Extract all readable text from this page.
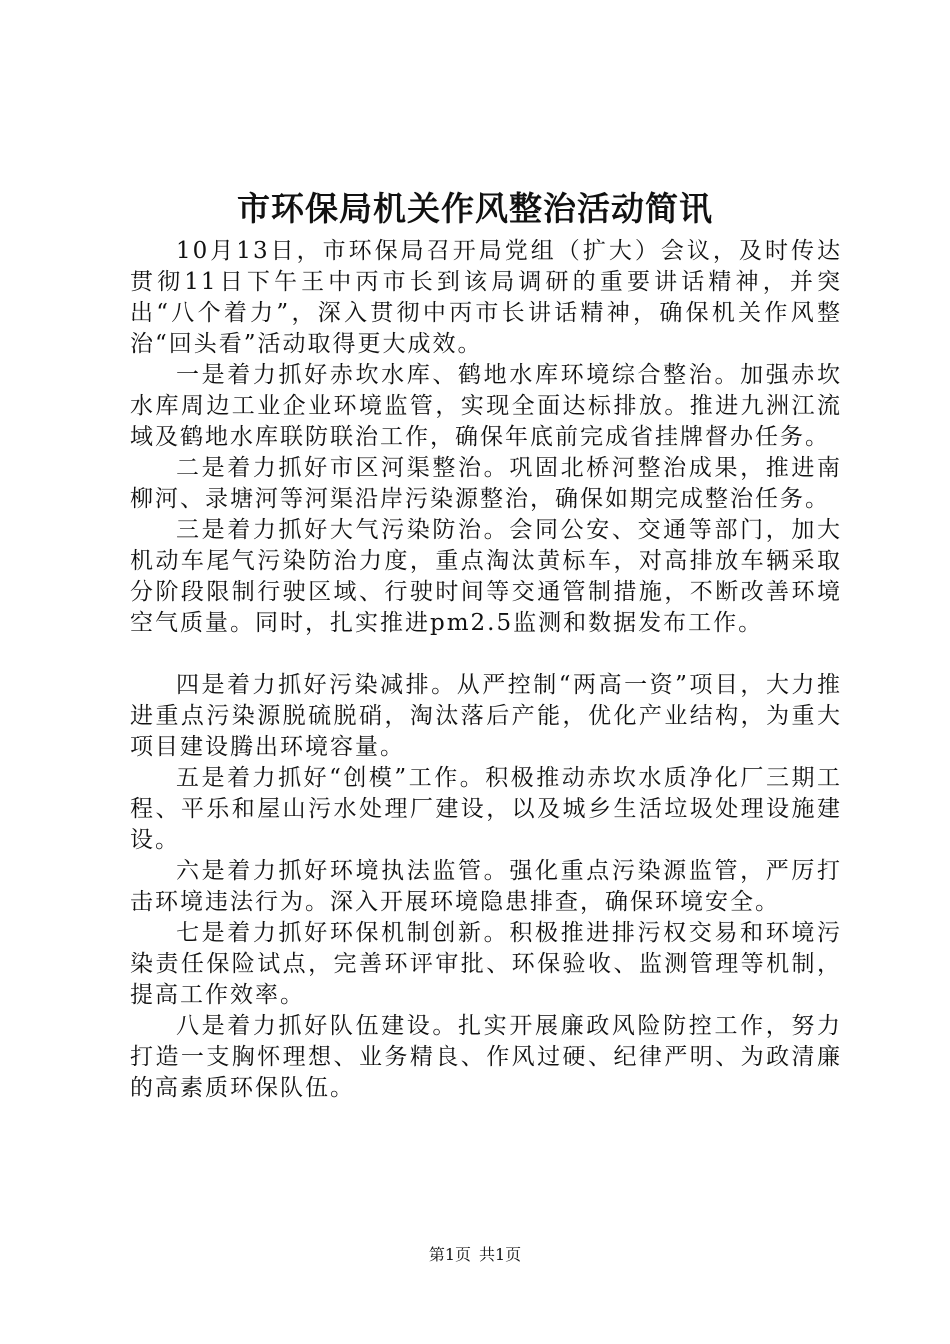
市环保局机关作风整治活动简讯

10月13日，市环保局召开局党组（扩大）会议，及时传达贯彻11日下午王中丙市长到该局调研的重要讲话精神，并突出“八个着力”，深入贯彻中丙市长讲话精神，确保机关作风整治“回头看”活动取得更大成效。

一是着力抓好赤坎水库、鹤地水库环境综合整治。加强赤坎水库周边工业企业环境监管，实现全面达标排放。推进九洲江流域及鹤地水库联防联治工作，确保年底前完成省挂牌督办任务。

二是着力抓好市区河渠整治。巩固北桥河整治成果，推进南柳河、录塘河等河渠沿岸污染源整治，确保如期完成整治任务。

三是着力抓好大气污染防治。会同公安、交通等部门，加大机动车尾气污染防治力度，重点淘汰黄标车，对高排放车辆采取分阶段限制行驶区域、行驶时间等交通管制措施，不断改善环境空气质量。同时，扎实推进pm2.5监测和数据发布工作。

四是着力抓好污染减排。从严控制“两高一资”项目，大力推进重点污染源脱硫脱硝，淘汰落后产能，优化产业结构，为重大项目建设腾出环境容量。

五是着力抓好“创模”工作。积极推动赤坎水质净化厂三期工程、平乐和屋山污水处理厂建设，以及城乡生活垃圾处理设施建设。

六是着力抓好环境执法监管。强化重点污染源监管，严厉打击环境违法行为。深入开展环境隐患排查，确保环境安全。

七是着力抓好环保机制创新。积极推进排污权交易和环境污染责任保险试点，完善环评审批、环保验收、监测管理等机制，提高工作效率。

八是着力抓好队伍建设。扎实开展廉政风险防控工作，努力打造一支胸怀理想、业务精良、作风过硬、纪律严明、为政清廉的高素质环保队伍。

第1页 共1页
